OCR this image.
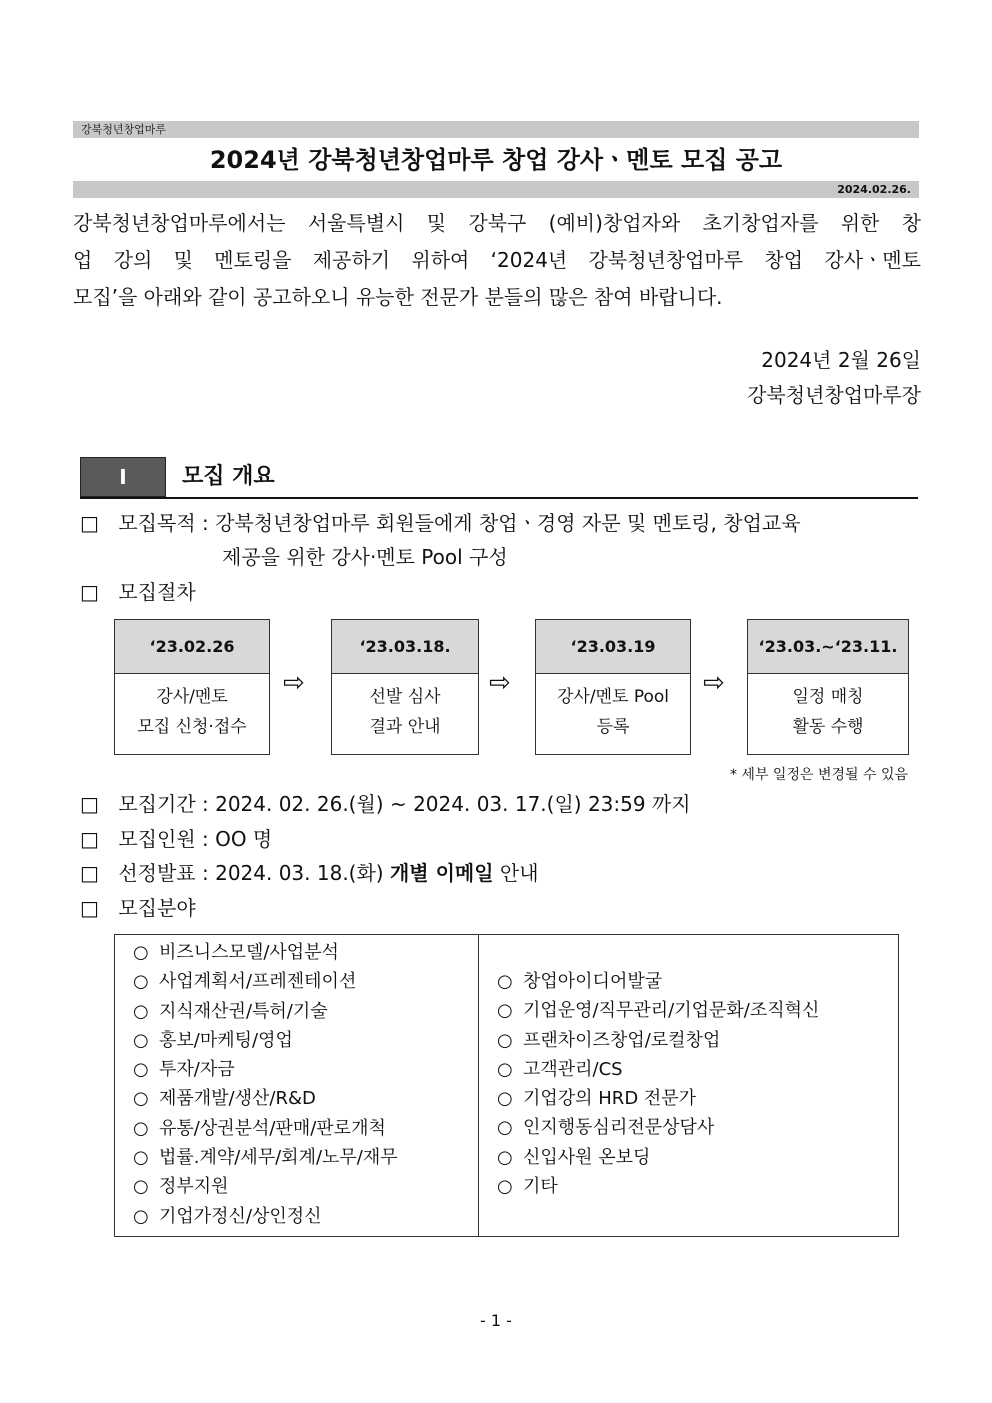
강북청년창업마루
2024년 강북청년창업마루 창업 강사ㆍ멘토 모집 공고
2024.02.26.

강북청년창업마루에서는 서울특별시 및 강북구 (예비)창업자와 초기창업자를 위한 창

업 강의 및 멘토링을 제공하기 위하여 ‘2024년 강북청년창업마루 창업 강사ㆍ멘토

모집’을 아래와 같이 공고하오니 유능한 전문가 분들의 많은 참여 바랍니다.

2024년 2월 26일
강북청년창업마루장
I	모집 개요
□ 모집목적 : 강북청년창업마루 회원들에게 창업ㆍ경영 자문 및 멘토링, 창업교육
제공을 위한 강사‧멘토 Pool 구성
□ 모집절차
‘23.02.26
강사/멘토
모집 신청‧접수
⇨
‘23.03.18.
선발 심사
결과 안내
⇨
‘23.03.19
강사/멘토 Pool
등록
⇨
‘23.03.~‘23.11.
일정 매칭
활동 수행
* 세부 일정은 변경될 수 있음
□ 모집기간 : 2024. 02. 26.(월) ~ 2024. 03. 17.(일) 23:59 까지
□ 모집인원 : OO 명
□ 선정발표 : 2024. 03. 18.(화) 개별 이메일 안내
□ 모집분야
○ 비즈니스모델/사업분석
○ 사업계획서/프레젠테이션
○ 지식재산권/특허/기술
○ 홍보/마케팅/영업
○ 투자/자금
○ 제품개발/생산/R&D
○ 유통/상권분석/판매/판로개척
○ 법률.계약/세무/회계/노무/재무
○ 정부지원
○ 기업가정신/상인정신
○ 창업아이디어발굴
○ 기업운영/직무관리/기업문화/조직혁신
○ 프랜차이즈창업/로컬창업
○ 고객관리/CS
○ 기업강의 HRD 전문가
○ 인지행동심리전문상담사
○ 신입사원 온보딩
○ 기타
- 1 -
